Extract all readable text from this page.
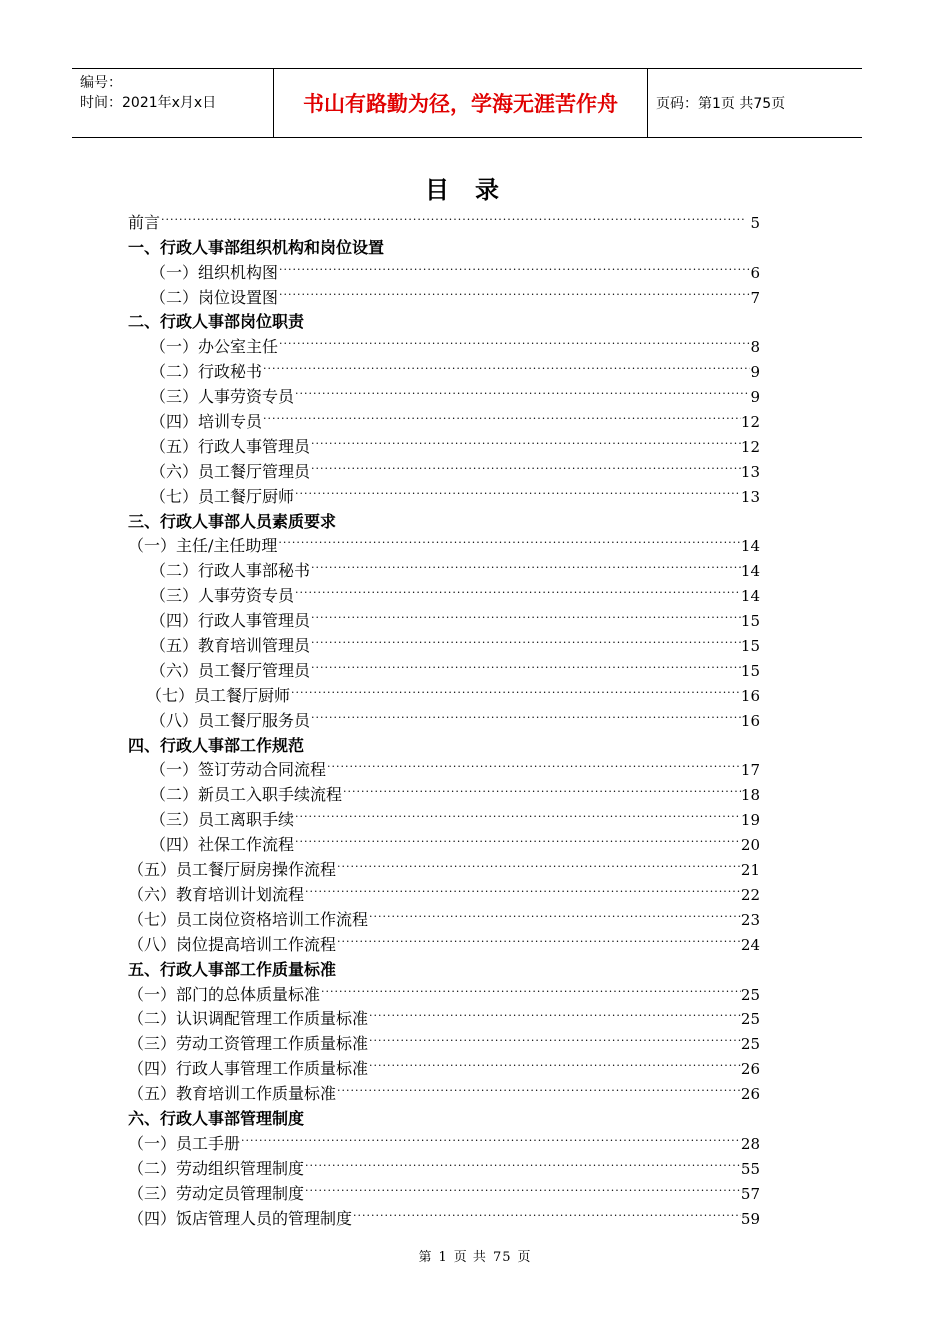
编号：
时间：2021年x月x日	书山有路勤为径，学海无涯苦作舟	页码：第1页 共75页
目录
前言 ·····	5
一、行政人事部组织机构和岗位设置
（一）组织机构图 ·····	6
（二）岗位设置图 ·····	7
二、行政人事部岗位职责
（一）办公室主任 ·····	8
（二）行政秘书 ·····	9
（三）人事劳资专员 ·····	9
（四）培训专员 ·····	12
（五）行政人事管理员 ·····	12
（六）员工餐厅管理员 ·····	13
（七）员工餐厅厨师 ·····	13
三、行政人事部人员素质要求
（一）主任/主任助理 ·····	14
（二）行政人事部秘书 ·····	14
（三）人事劳资专员 ·····	14
（四）行政人事管理员 ·····	15
（五）教育培训管理员 ·····	15
（六）员工餐厅管理员 ·····	15
（七）员工餐厅厨师 ·····	16
（八）员工餐厅服务员 ·····	16
四、行政人事部工作规范
（一）签订劳动合同流程 ·····	17
（二）新员工入职手续流程 ·····	18
（三）员工离职手续 ·····	19
（四）社保工作流程 ·····	20
（五）员工餐厅厨房操作流程 ·····	21
（六）教育培训计划流程 ·····	22
（七）员工岗位资格培训工作流程 ·····	23
（八）岗位提高培训工作流程 ·····	24
五、行政人事部工作质量标准
（一）部门的总体质量标准 ·····	25
（二）认识调配管理工作质量标准 ·····	25
（三）劳动工资管理工作质量标准 ·····	25
（四）行政人事管理工作质量标准 ·····	26
（五）教育培训工作质量标准 ·····	26
六、行政人事部管理制度
（一）员工手册 ·····	28
（二）劳动组织管理制度 ·····	55
（三）劳动定员管理制度 ·····	57
（四）饭店管理人员的管理制度 ·····	59
第 1 页 共 75 页
